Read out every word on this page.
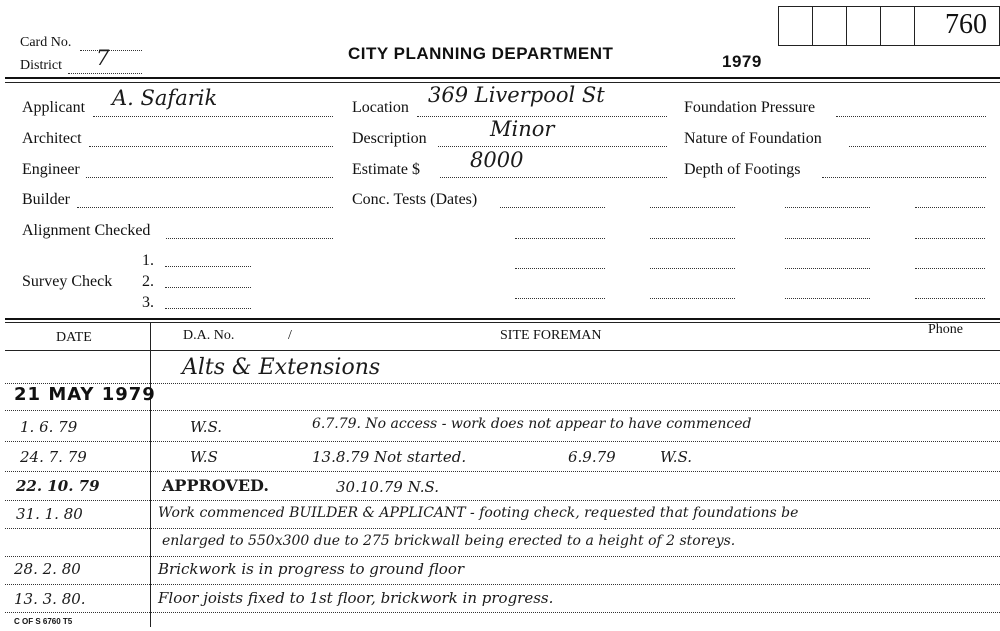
760
Card No.
District 7	CITY PLANNING DEPARTMENT	1979
Applicant A. Safarik
Architect
Engineer
Builder
Alignment Checked
Survey Check
1.
2.
3.
Location
369 Liverpool St
Description	Minor
Estimate $ 8000
Conc. Tests (Dates)
Foundation Pressure
Nature of Foundation
Depth of Footings
DATE	D.A. No.	/	SITE FOREMAN	Phone
Alts & Extensions
21 MAY 1979
1. 6. 79	W.S.	6.7.79. No access - work does not appear to have commenced
24. 7. 79	W.S	13.8.79 Not started.	6.9.79	W.S.
22. 10. 79	APPROVED.	30.10.79 N.S.
31. 1. 80	Work commenced BUILDER & APPLICANT - footing check, requested that foundations be
enlarged to 550x300 due to 275 brickwall being erected to a height of 2 storeys.
28. 2. 80	Brickwork is in progress to ground floor
13. 3. 80.	Floor joists fixed to 1st floor, brickwork in progress.
C OF S 6760 T5
